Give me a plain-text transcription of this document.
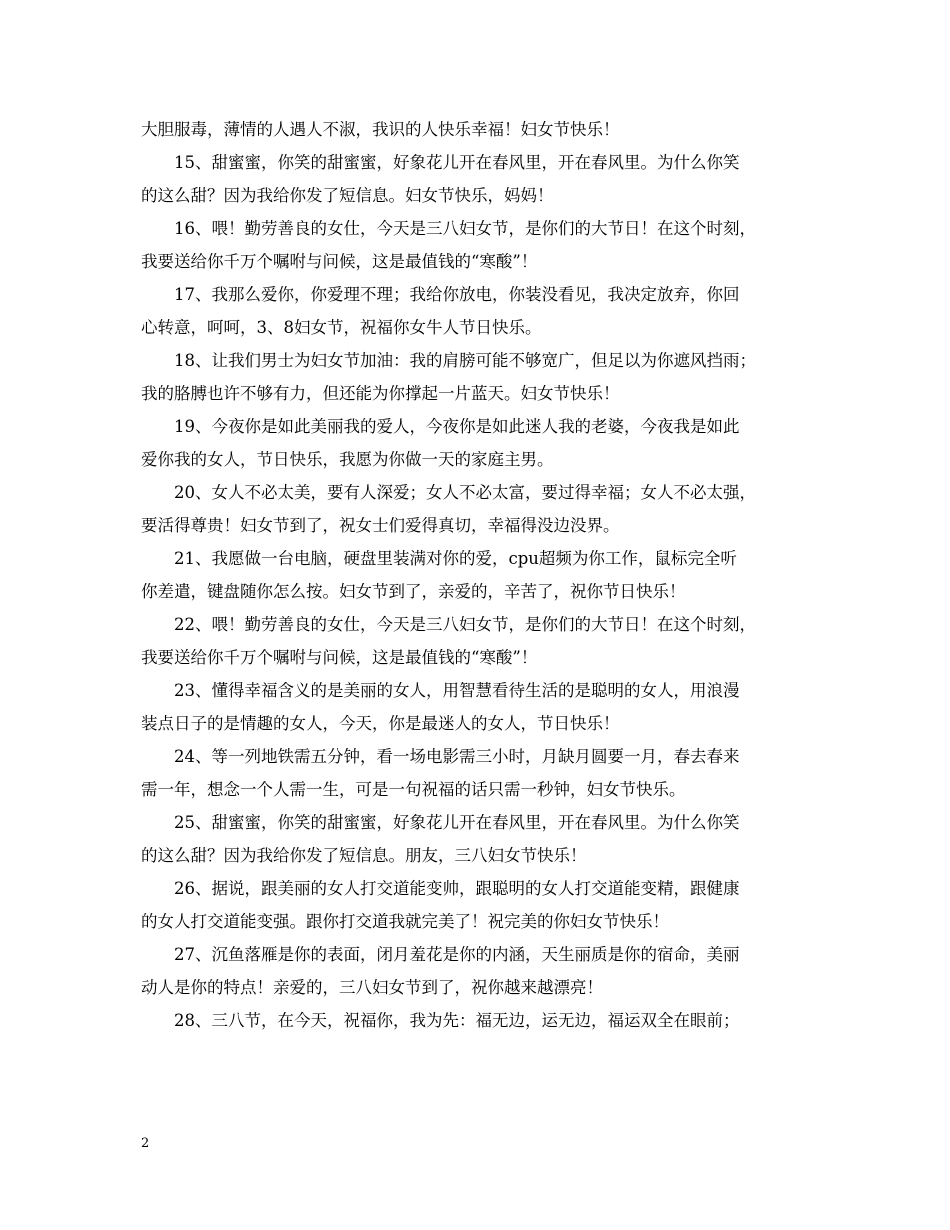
大胆服毒，薄情的人遇人不淑，我识的人快乐幸福！妇女节快乐！
15、甜蜜蜜，你笑的甜蜜蜜，好象花儿开在春风里，开在春风里。为什么你笑
的这么甜？因为我给你发了短信息。妇女节快乐，妈妈！
16、喂！勤劳善良的女仕，今天是三八妇女节，是你们的大节日！在这个时刻，
我要送给你千万个嘱咐与问候，这是最值钱的“寒酸”！
17、我那么爱你，你爱理不理；我给你放电，你装没看见，我决定放弃，你回
心转意，呵呵，3、8妇女节，祝福你女牛人节日快乐。
18、让我们男士为妇女节加油：我的肩膀可能不够宽广，但足以为你遮风挡雨；
我的胳膊也许不够有力，但还能为你撑起一片蓝天。妇女节快乐！
19、今夜你是如此美丽我的爱人，今夜你是如此迷人我的老婆，今夜我是如此
爱你我的女人，节日快乐，我愿为你做一天的家庭主男。
20、女人不必太美，要有人深爱；女人不必太富，要过得幸福；女人不必太强，
要活得尊贵！妇女节到了，祝女士们爱得真切，幸福得没边没界。
21、我愿做一台电脑，硬盘里装满对你的爱，cpu超频为你工作，鼠标完全听
你差遣，键盘随你怎么按。妇女节到了，亲爱的，辛苦了，祝你节日快乐！
22、喂！勤劳善良的女仕，今天是三八妇女节，是你们的大节日！在这个时刻，
我要送给你千万个嘱咐与问候，这是最值钱的“寒酸”！
23、懂得幸福含义的是美丽的女人，用智慧看待生活的是聪明的女人，用浪漫
装点日子的是情趣的女人，今天，你是最迷人的女人，节日快乐！
24、等一列地铁需五分钟，看一场电影需三小时，月缺月圆要一月，春去春来
需一年，想念一个人需一生，可是一句祝福的话只需一秒钟，妇女节快乐。
25、甜蜜蜜，你笑的甜蜜蜜，好象花儿开在春风里，开在春风里。为什么你笑
的这么甜？因为我给你发了短信息。朋友，三八妇女节快乐！
26、据说，跟美丽的女人打交道能变帅，跟聪明的女人打交道能变精，跟健康
的女人打交道能变强。跟你打交道我就完美了！祝完美的你妇女节快乐！
27、沉鱼落雁是你的表面，闭月羞花是你的内涵，天生丽质是你的宿命，美丽
动人是你的特点！亲爱的，三八妇女节到了，祝你越来越漂亮！
28、三八节，在今天，祝福你，我为先：福无边，运无边，福运双全在眼前；
2
